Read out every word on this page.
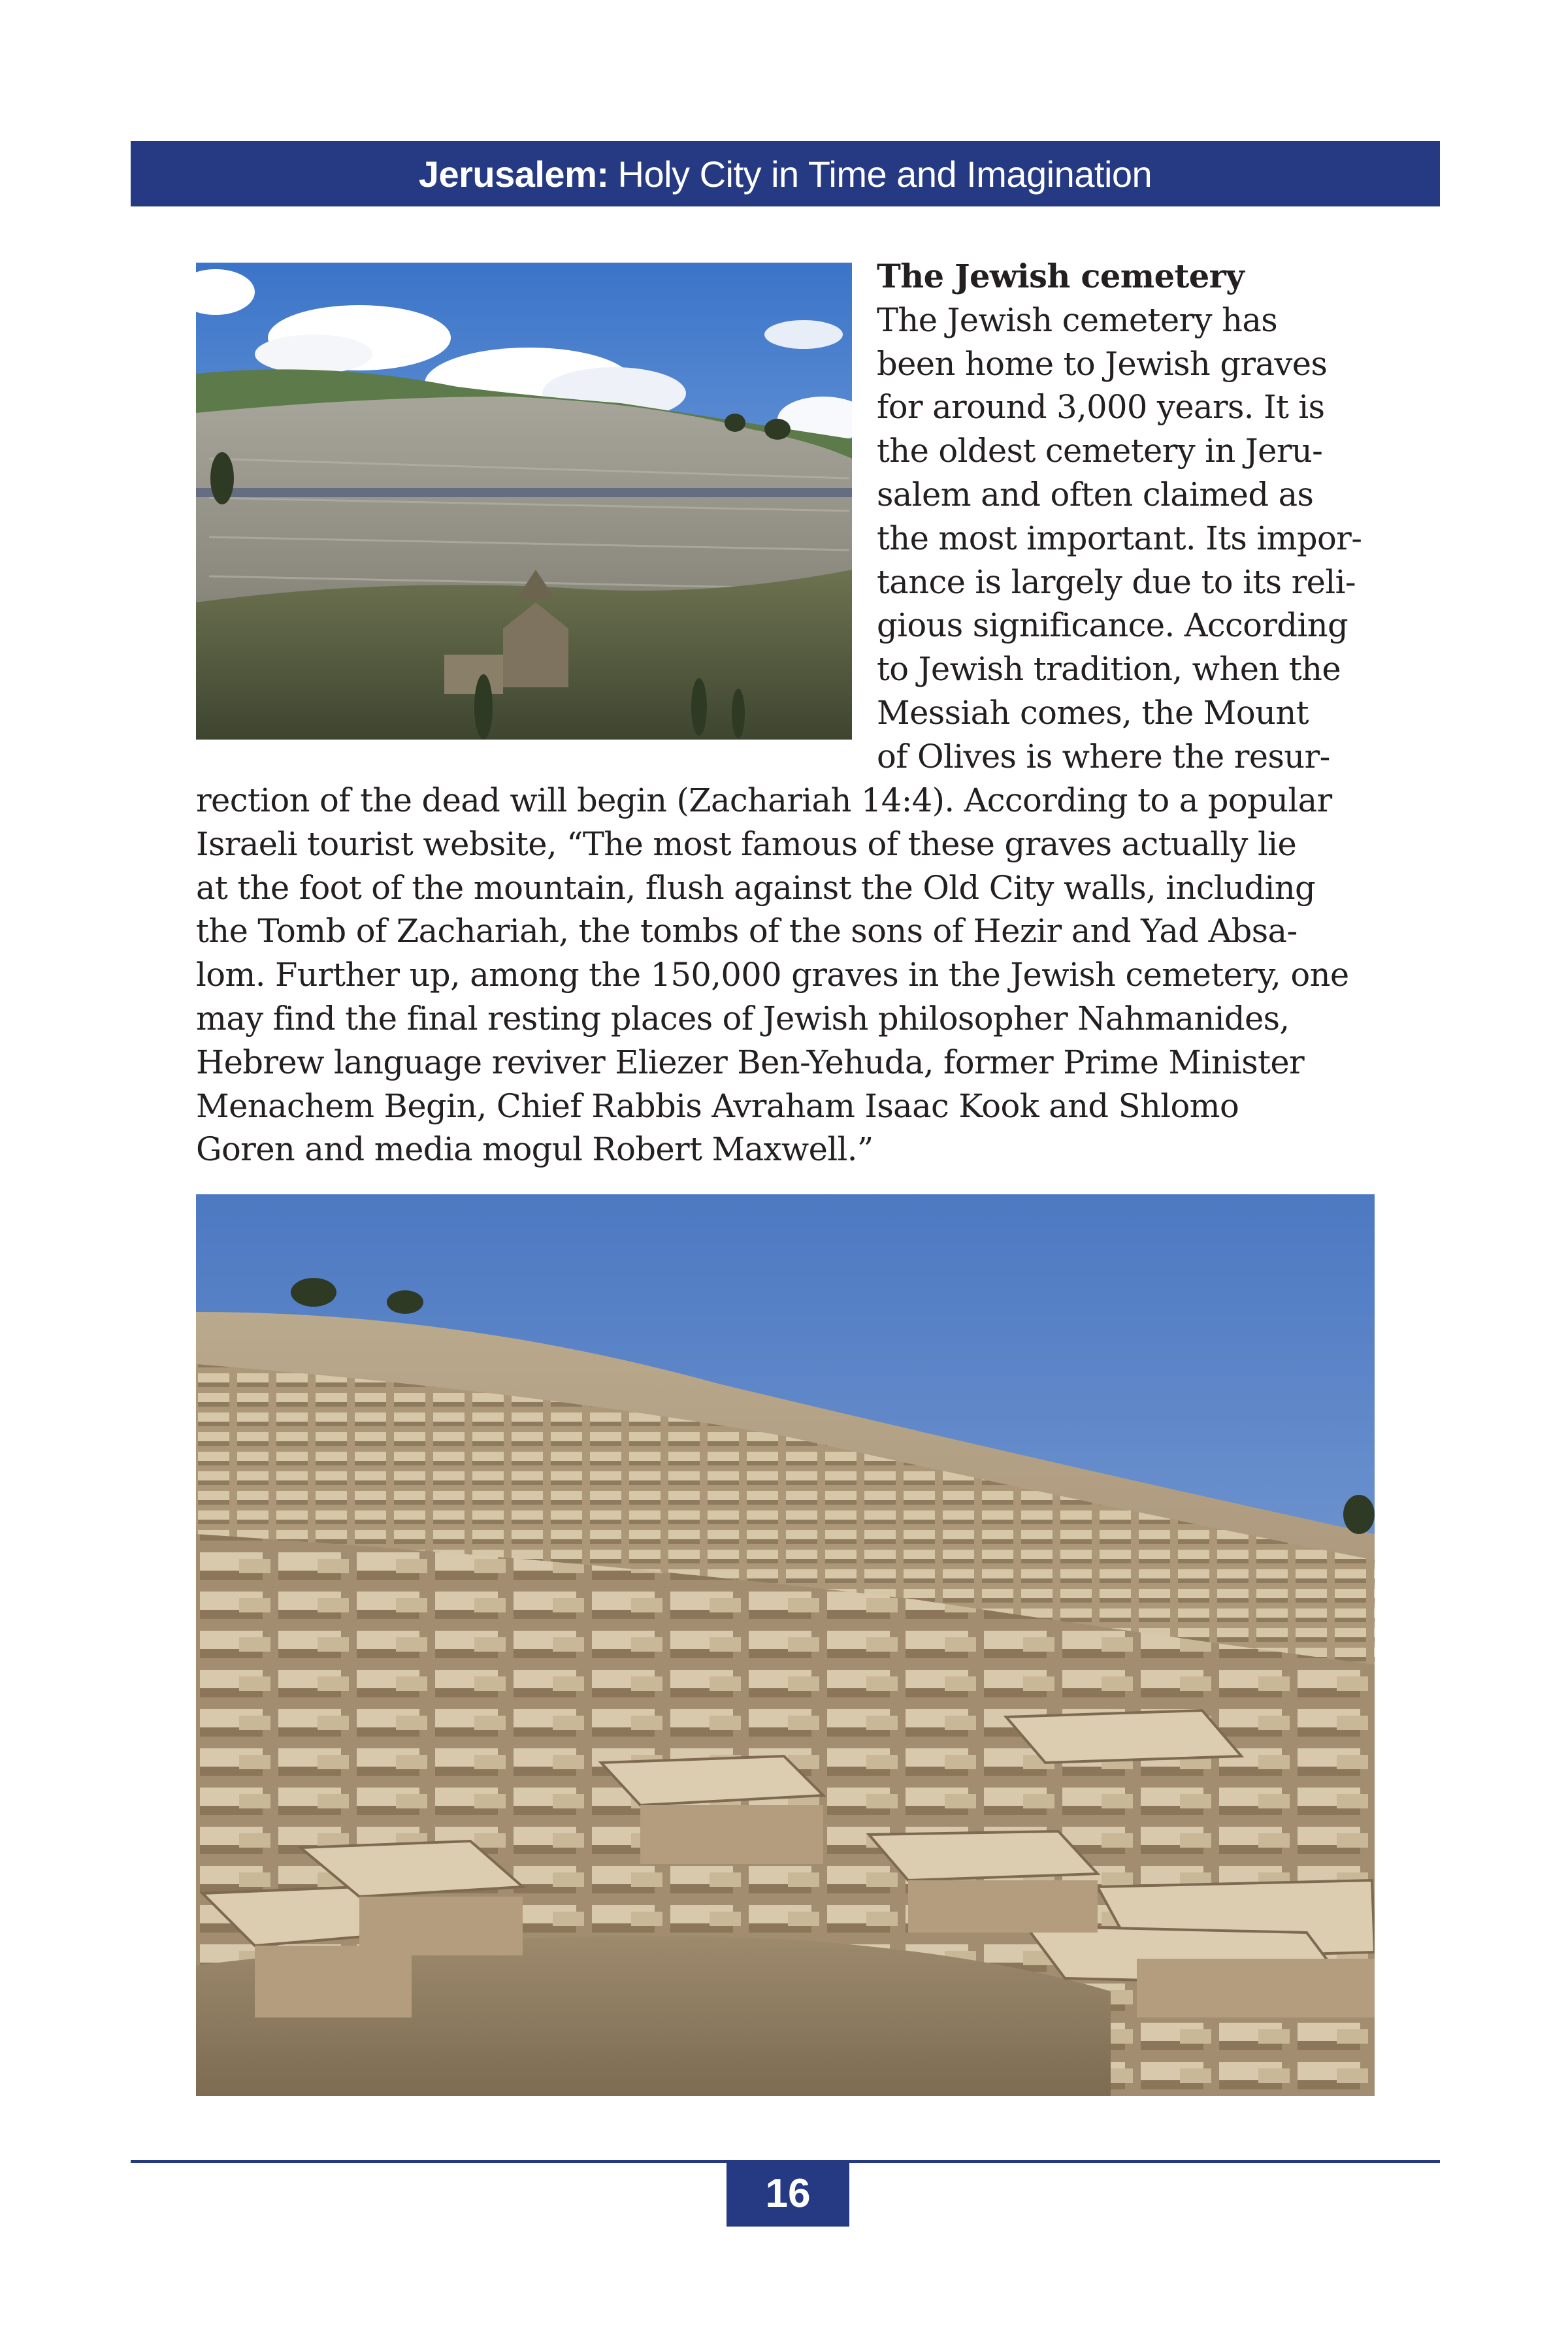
Jerusalem: Holy City in Time and Imagination
The Jewish cemetery
The Jewish cemetery has
been home to Jewish graves
for around 3,000 years. It is
the oldest cemetery in Jeru-
salem and often claimed as
the most important. Its impor-
tance is largely due to its reli-
gious significance. According
to Jewish tradition, when the
Messiah comes, the Mount
of Olives is where the resur-
rection of the dead will begin (Zachariah 14:4). According to a popular
Israeli tourist website, “The most famous of these graves actually lie
at the foot of the mountain, flush against the Old City walls, including
the Tomb of Zachariah, the tombs of the sons of Hezir and Yad Absa-
lom. Further up, among the 150,000 graves in the Jewish cemetery, one
may find the final resting places of Jewish philosopher Nahmanides,
Hebrew language reviver Eliezer Ben-Yehuda, former Prime Minister
Menachem Begin, Chief Rabbis Avraham Isaac Kook and Shlomo
Goren and media mogul Robert Maxwell.”
16
